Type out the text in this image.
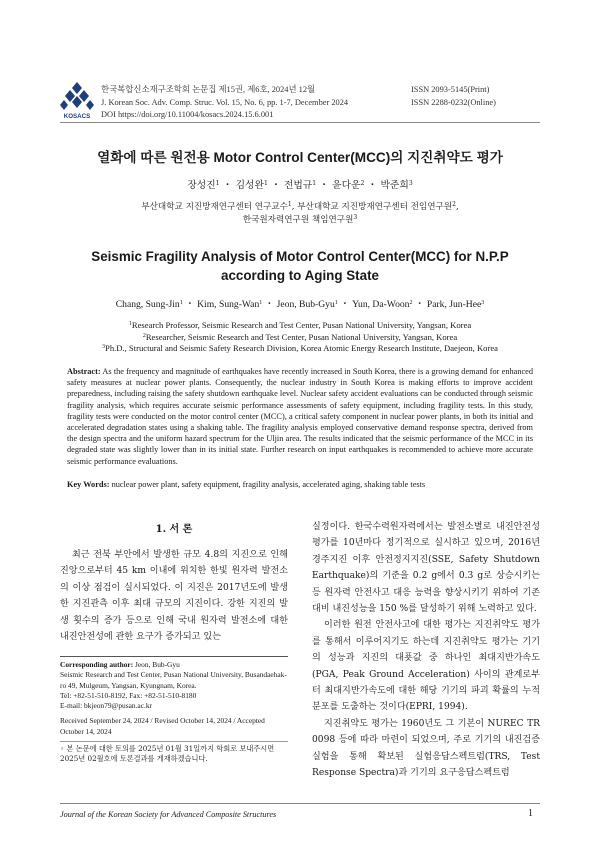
KOSACS
한국복합신소재구조학회 논문집 제15권, 제6호, 2024년 12월
J. Korean Soc. Adv. Comp. Struc. Vol. 15, No. 6, pp. 1-7, December 2024
DOI https://doi.org/10.11004/kosacs.2024.15.6.001
ISSN 2093-5145(Print)
ISSN 2288-0232(Online)
열화에 따른 원전용 Motor Control Center(MCC)의 지진취약도 평가
장성진$^1$ ・ 김성완$^1$ ・ 전법규$^1$ ・ 윤다운$^2$ ・ 박준희$^3$
부산대학교 지진방재연구센터 연구교수$^1$, 부산대학교 지진방재연구센터 전임연구원$^2$,
한국원자력연구원 책임연구원$^3$
Seismic Fragility Analysis of Motor Control Center(MCC) for N.P.P
according to Aging State
Chang, Sung-Jin$^1$ ・ Kim, Sung-Wan$^1$ ・ Jeon, Bub-Gyu$^1$ ・ Yun, Da-Woon$^2$ ・ Park, Jun-Hee$^3$
$^1$Research Professor, Seismic Research and Test Center, Pusan National University, Yangsan, Korea
$^2$Researcher, Seismic Research and Test Center, Pusan National University, Yangsan, Korea
$^3$Ph.D., Structural and Seismic Safety Research Division, Korea Atomic Energy Research Institute, Daejeon, Korea
Abstract: As the frequency and magnitude of earthquakes have recently increased in South Korea, there is a growing demand for enhanced safety measures at nuclear power plants. Consequently, the nuclear industry in South Korea is making efforts to improve accident preparedness, including raising the safety shutdown earthquake level. Nuclear safety accident evaluations can be conducted through seismic fragility analysis, which requires accurate seismic performance assessments of safety equipment, including fragility tests. In this study, fragility tests were conducted on the motor control center (MCC), a critical safety component in nuclear power plants, in both its initial and accelerated degradation states using a shaking table. The fragility analysis employed conservative demand response spectra, derived from the design spectra and the uniform hazard spectrum for the Uljin area. The results indicated that the seismic performance of the MCC in its degraded state was slightly lower than in its initial state. Further research on input earthquakes is recommended to achieve more accurate seismic performance evaluations.
Key Words: nuclear power plant, safety equipment, fragility analysis, accelerated aging, shaking table tests
1. 서 론

최근 전북 부안에서 발생한 규모 4.8의 지진으로 인해 진앙으로부터 45 km 이내에 위치한 한빛 원자력 발전소의 이상 점검이 실시되었다. 이 지진은 2017년도에 발생한 지진관측 이후 최대 규모의 지진이다. 강한 지진의 발생 횟수의 증가 등으로 인해 국내 원자력 발전소에 대한 내진안전성에 관한 요구가 증가되고 있는

실정이다. 한국수력원자력에서는 발전소별로 내진안전성 평가를 10년마다 정기적으로 실시하고 있으며, 2016년 경주지진 이후 안전정지지진(SSE, Safety Shutdown Earthquake)의 기준을 0.2 g에서 0.3 g로 상승시키는 등 원자력 안전사고 대응 능력을 향상시키기 위하여 기존 대비 내진성능을 150 %를 달성하기 위해 노력하고 있다.

이러한 원전 안전사고에 대한 평가는 지진취약도 평가를 통해서 이루어지기도 하는데 지진취약도 평가는 기기의 성능과 지진의 대푯값 중 하나인 최대지반가속도(PGA, Peak Ground Acceleration) 사이의 관계로부터 최대지반가속도에 대한 해당 기기의 파괴 확률의 누적 분포를 도출하는 것이다(EPRI, 1994).

지진취약도 평가는 1960년도 그 기본이 NUREC TR 0098 등에 따라 마련이 되었으며, 주로 기기의 내진검증실험을 통해 확보된 실험응답스펙트럼(TRS, Test Response Spectra)과 기기의 요구응답스펙트럼

Corresponding author: Jeon, Bub-Gyu
Seismic Research and Test Center, Pusan National University, Busandaehak-ro 49, Mulgeum, Yangsan, Kyungnam, Korea.
Tel: +82-51-510-8192, Fax: +82-51-510-8180
E-mail: bkjeon79@pusan.ac.kr
Received September 24, 2024 / Revised October 14, 2024 / Accepted October 14, 2024
◦ 본 논문에 대한 토의를 2025년 01월 31일까지 학회로 보내주시면 2025년 02월호에 토론결과를 게재하겠습니다.
Journal of the Korean Society for Advanced Composite Structures	1
